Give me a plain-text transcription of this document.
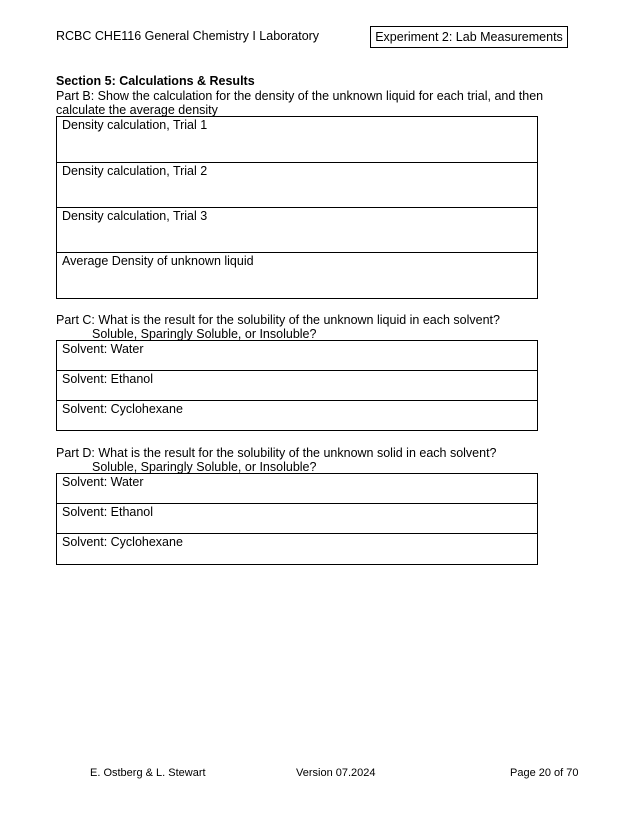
RCBC CHE116 General Chemistry I Laboratory	Experiment 2: Lab Measurements
Section 5: Calculations & Results
Part B: Show the calculation for the density of the unknown liquid for each trial, and then
calculate the average density
Density calculation, Trial 1
Density calculation, Trial 2
Density calculation, Trial 3
Average Density of unknown liquid
Part C: What is the result for the solubility of the unknown liquid in each solvent?
Soluble, Sparingly Soluble, or Insoluble?
Solvent: Water
Solvent: Ethanol
Solvent: Cyclohexane
Part D: What is the result for the solubility of the unknown solid in each solvent?
Soluble, Sparingly Soluble, or Insoluble?
Solvent: Water
Solvent: Ethanol
Solvent: Cyclohexane
E. Ostberg & L. Stewart	Version 07.2024	Page 20 of 70
